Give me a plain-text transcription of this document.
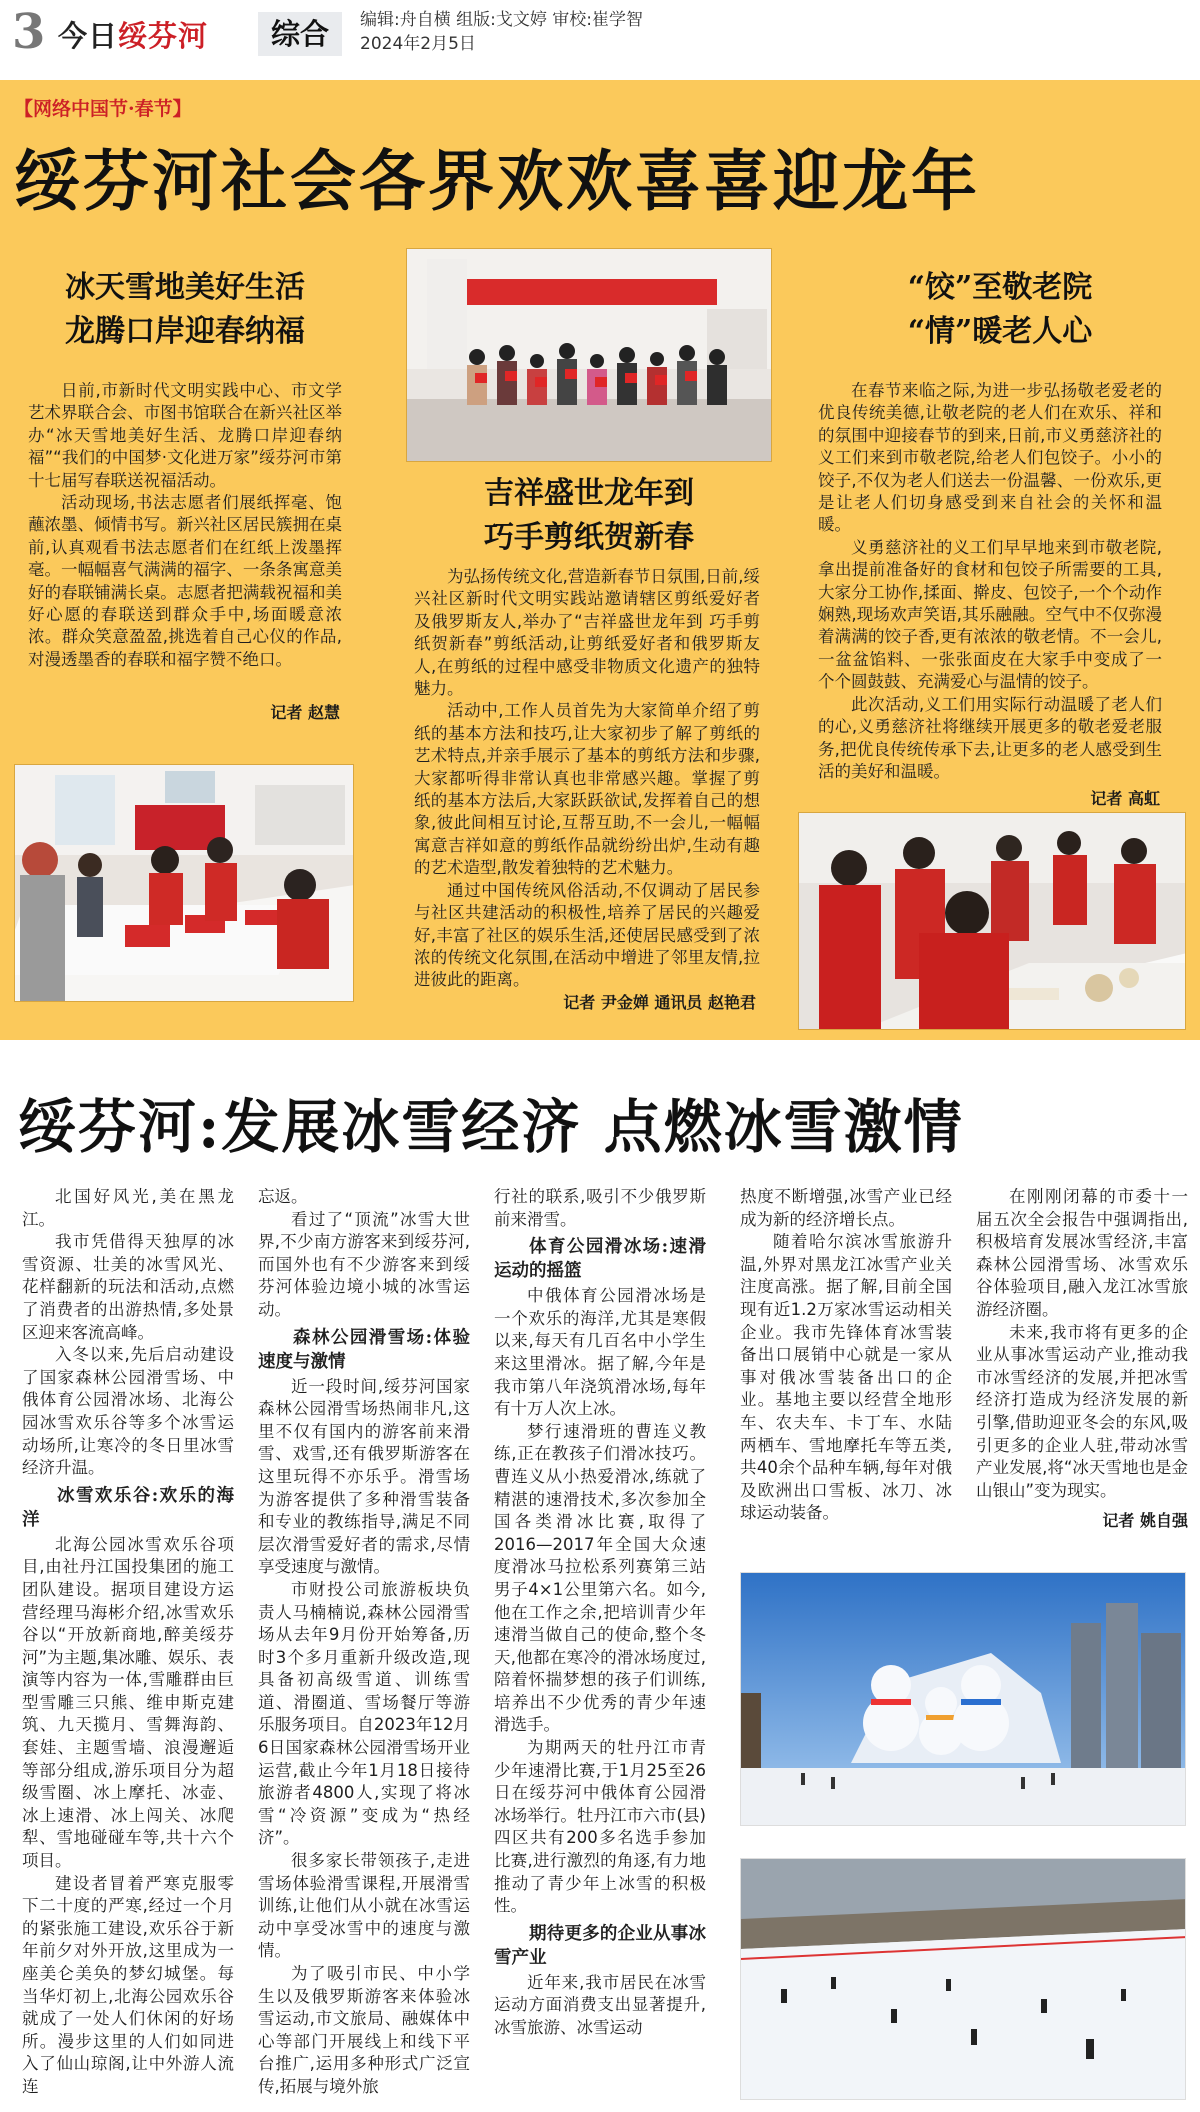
3 今日绥芬河	综合	编辑:舟自横 组版:戈文婷 审校:崔学智
2024年2月5日
【网络中国节·春节】
绥芬河社会各界欢欢喜喜迎龙年
冰天雪地美好生活
龙腾口岸迎春纳福

日前,市新时代文明实践中心、市文学艺术界联合会、市图书馆联合在新兴社区举办“冰天雪地美好生活、龙腾口岸迎春纳福”“我们的中国梦·文化进万家”绥芬河市第十七届写春联送祝福活动。

活动现场,书法志愿者们展纸挥毫、饱蘸浓墨、倾情书写。新兴社区居民簇拥在桌前,认真观看书法志愿者们在红纸上泼墨挥毫。一幅幅喜气满满的福字、一条条寓意美好的春联铺满长桌。志愿者把满载祝福和美好心愿的春联送到群众手中,场面暖意浓浓。群众笑意盈盈,挑选着自己心仪的作品,对漫透墨香的春联和福字赞不绝口。

记者 赵慧
吉祥盛世龙年到
巧手剪纸贺新春

为弘扬传统文化,营造新春节日氛围,日前,绥兴社区新时代文明实践站邀请辖区剪纸爱好者及俄罗斯友人,举办了“吉祥盛世龙年到 巧手剪纸贺新春”剪纸活动,让剪纸爱好者和俄罗斯友人,在剪纸的过程中感受非物质文化遗产的独特魅力。

活动中,工作人员首先为大家简单介绍了剪纸的基本方法和技巧,让大家初步了解了剪纸的艺术特点,并亲手展示了基本的剪纸方法和步骤,大家都听得非常认真也非常感兴趣。掌握了剪纸的基本方法后,大家跃跃欲试,发挥着自己的想象,彼此间相互讨论,互帮互助,不一会儿,一幅幅寓意吉祥如意的剪纸作品就纷纷出炉,生动有趣的艺术造型,散发着独特的艺术魅力。

通过中国传统风俗活动,不仅调动了居民参与社区共建活动的积极性,培养了居民的兴趣爱好,丰富了社区的娱乐生活,还使居民感受到了浓浓的传统文化氛围,在活动中增进了邻里友情,拉进彼此的距离。

记者 尹金婵 通讯员 赵艳君
“饺”至敬老院
“情”暖老人心

在春节来临之际,为进一步弘扬敬老爱老的优良传统美德,让敬老院的老人们在欢乐、祥和的氛围中迎接春节的到来,日前,市义勇慈济社的义工们来到市敬老院,给老人们包饺子。小小的饺子,不仅为老人们送去一份温馨、一份欢乐,更是让老人们切身感受到来自社会的关怀和温暖。

义勇慈济社的义工们早早地来到市敬老院,拿出提前准备好的食材和包饺子所需要的工具,大家分工协作,揉面、擀皮、包饺子,一个个动作娴熟,现场欢声笑语,其乐融融。空气中不仅弥漫着满满的饺子香,更有浓浓的敬老情。不一会儿,一盆盆馅料、一张张面皮在大家手中变成了一个个圆鼓鼓、充满爱心与温情的饺子。

此次活动,义工们用实际行动温暖了老人们的心,义勇慈济社将继续开展更多的敬老爱老服务,把优良传统传承下去,让更多的老人感受到生活的美好和温暖。

记者 高虹
绥芬河:发展冰雪经济 点燃冰雪激情

北国好风光,美在黑龙江。

我市凭借得天独厚的冰雪资源、壮美的冰雪风光、花样翻新的玩法和活动,点燃了消费者的出游热情,多处景区迎来客流高峰。

入冬以来,先后启动建设了国家森林公园滑雪场、中俄体育公园滑冰场、北海公园冰雪欢乐谷等多个冰雪运动场所,让寒冷的冬日里冰雪经济升温。

冰雪欢乐谷:欢乐的海洋

北海公园冰雪欢乐谷项目,由社丹江国投集团的施工团队建设。据项目建设方运营经理马海彬介绍,冰雪欢乐谷以“开放新商地,醉美绥芬河”为主题,集冰雕、娱乐、表演等内容为一体,雪雕群由巨型雪雕三只熊、维申斯克建筑、九天揽月、雪舞海韵、套娃、主题雪墙、浪漫邂逅等部分组成,游乐项目分为超级雪圈、冰上摩托、冰壶、冰上速滑、冰上闯关、冰爬犁、雪地碰碰车等,共十六个项目。

建设者冒着严寒克服零下二十度的严寒,经过一个月的紧张施工建设,欢乐谷于新年前夕对外开放,这里成为一座美仑美奂的梦幻城堡。每当华灯初上,北海公园欢乐谷就成了一处人们休闲的好场所。漫步这里的人们如同进入了仙山琼阁,让中外游人流连

忘返。

看过了“顶流”冰雪大世界,不少南方游客来到绥芬河,而国外也有不少游客来到绥芬河体验边境小城的冰雪运动。

森林公园滑雪场:体验速度与激情

近一段时间,绥芬河国家森林公园滑雪场热闹非凡,这里不仅有国内的游客前来滑雪、戏雪,还有俄罗斯游客在这里玩得不亦乐乎。滑雪场为游客提供了多种滑雪装备和专业的教练指导,满足不同层次滑雪爱好者的需求,尽情享受速度与激情。

市财投公司旅游板块负责人马楠楠说,森林公园滑雪场从去年9月份开始筹备,历时3个多月重新升级改造,现具备初高级雪道、训练雪道、滑圈道、雪场餐厅等游乐服务项目。自2023年12月6日国家森林公园滑雪场开业运营,截止今年1月18日接待旅游者4800人,实现了将冰雪“冷资源”变成为“热经济”。

很多家长带领孩子,走进雪场体验滑雪课程,开展滑雪训练,让他们从小就在冰雪运动中享受冰雪中的速度与激情。

为了吸引市民、中小学生以及俄罗斯游客来体验冰雪运动,市文旅局、融媒体中心等部门开展线上和线下平台推广,运用多种形式广泛宣传,拓展与境外旅

行社的联系,吸引不少俄罗斯前来滑雪。

体育公园滑冰场:速滑运动的摇篮

中俄体育公园滑冰场是一个欢乐的海洋,尤其是寒假以来,每天有几百名中小学生来这里滑冰。据了解,今年是我市第八年浇筑滑冰场,每年有十万人次上冰。

梦行速滑班的曹连义教练,正在教孩子们滑冰技巧。曹连义从小热爱滑冰,练就了精湛的速滑技术,多次参加全国各类滑冰比赛,取得了2016—2017年全国大众速度滑冰马拉松系列赛第三站男子4×1公里第六名。如今,他在工作之余,把培训青少年速滑当做自己的使命,整个冬天,他都在寒冷的滑冰场度过,陪着怀揣梦想的孩子们训练,培养出不少优秀的青少年速滑选手。

为期两天的牡丹江市青少年速滑比赛,于1月25至26日在绥芬河中俄体育公园滑冰场举行。牡丹江市六市(县)四区共有200多名选手参加比赛,进行激烈的角逐,有力地推动了青少年上冰雪的积极性。

期待更多的企业从事冰雪产业

近年来,我市居民在冰雪运动方面消费支出显著提升,冰雪旅游、冰雪运动

热度不断增强,冰雪产业已经成为新的经济增长点。

随着哈尔滨冰雪旅游升温,外界对黑龙江冰雪产业关注度高涨。据了解,目前全国现有近1.2万家冰雪运动相关企业。我市先锋体育冰雪装备出口展销中心就是一家从事对俄冰雪装备出口的企业。基地主要以经营全地形车、农夫车、卡丁车、水陆两栖车、雪地摩托车等五类,共40余个品种车辆,每年对俄及欧洲出口雪板、冰刀、冰球运动装备。

在刚刚闭幕的市委十一届五次全会报告中强调指出,积极培育发展冰雪经济,丰富森林公园滑雪场、冰雪欢乐谷体验项目,融入龙江冰雪旅游经济圈。

未来,我市将有更多的企业从事冰雪运动产业,推动我市冰雪经济的发展,并把冰雪经济打造成为经济发展的新引擎,借助迎亚冬会的东风,吸引更多的企业人驻,带动冰雪产业发展,将“冰天雪地也是金山银山”变为现实。

记者 姚自强
